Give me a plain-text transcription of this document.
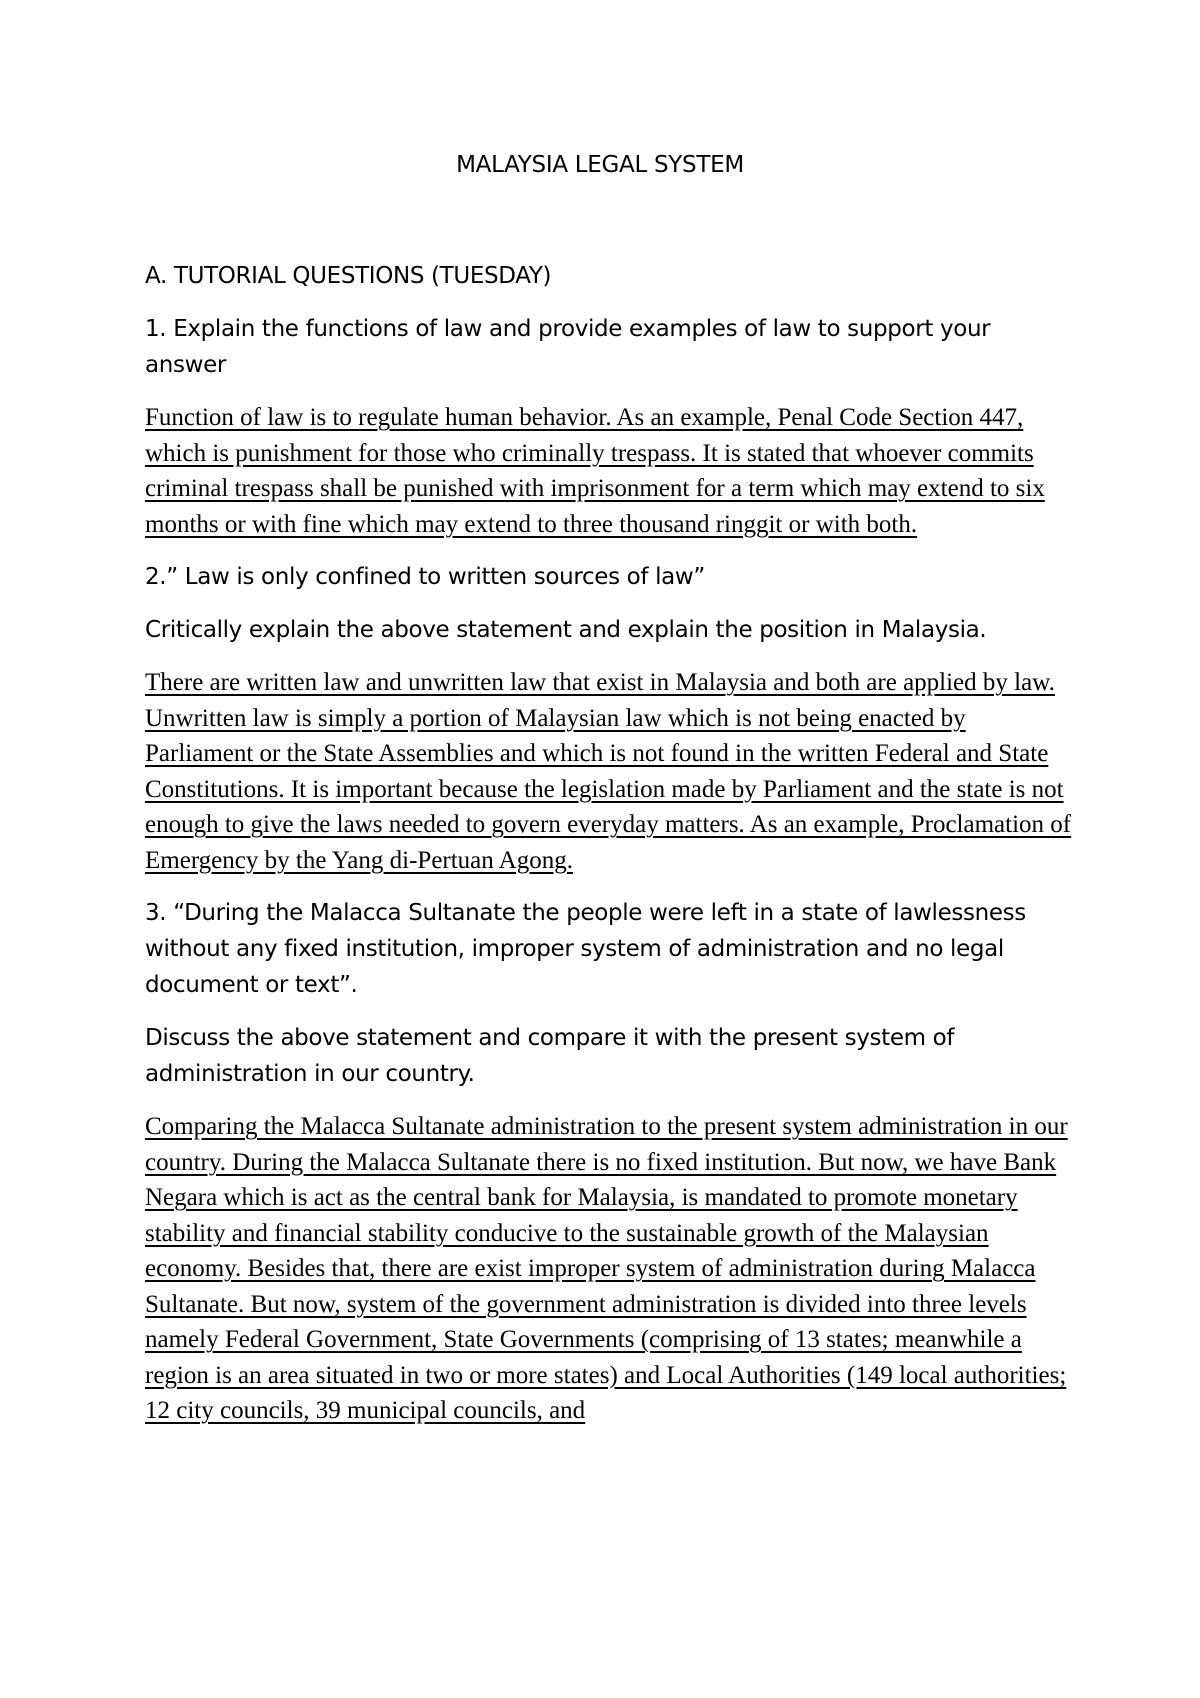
MALAYSIA LEGAL SYSTEM

A. TUTORIAL QUESTIONS (TUESDAY)

1. Explain the functions of law and provide examples of law to support your answer

Function of law is to regulate human behavior. As an example, Penal Code Section 447, which is punishment for those who criminally trespass. It is stated that whoever commits criminal trespass shall be punished with imprisonment for a term which may extend to six months or with fine which may extend to three thousand ringgit or with both.

2.” Law is only confined to written sources of law”

Critically explain the above statement and explain the position in Malaysia.

There are written law and unwritten law that exist in Malaysia and both are applied by law. Unwritten law is simply a portion of Malaysian law which is not being enacted by Parliament or the State Assemblies and which is not found in the written Federal and State Constitutions. It is important because the legislation made by Parliament and the state is not enough to give the laws needed to govern everyday matters. As an example, Proclamation of Emergency by the Yang di-Pertuan Agong.

3. “During the Malacca Sultanate the people were left in a state of lawlessness without any fixed institution, improper system of administration and no legal document or text”.

Discuss the above statement and compare it with the present system of administration in our country.

Comparing the Malacca Sultanate administration to the present system administration in our country. During the Malacca Sultanate there is no fixed institution. But now, we have Bank Negara which is act as the central bank for Malaysia, is mandated to promote monetary stability and financial stability conducive to the sustainable growth of the Malaysian economy. Besides that, there are exist improper system of administration during Malacca Sultanate. But now, system of the government administration is divided into three levels namely Federal Government, State Governments (comprising of 13 states; meanwhile a region is an area situated in two or more states) and Local Authorities (149 local authorities; 12 city councils, 39 municipal councils, and
